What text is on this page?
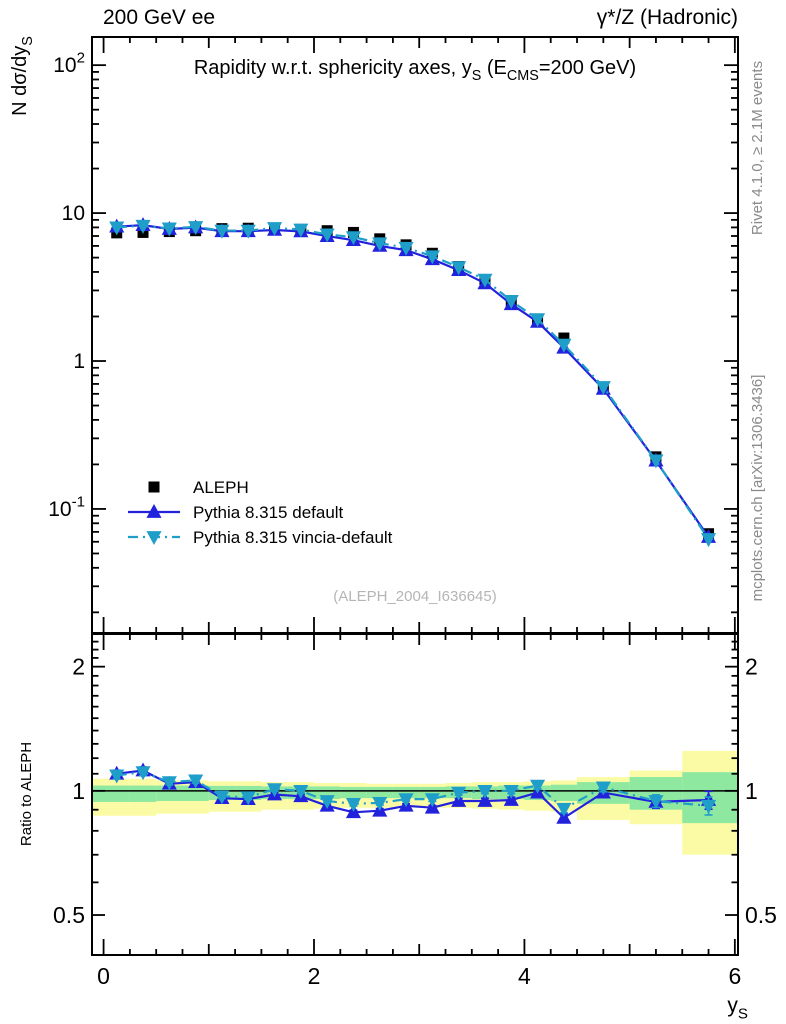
200 GeV ee	γ*/Z (Hadronic)
$10^2$
10
1
$10^{-1}$
0	2	4	6
2	2
1	1
0.5	0.5
Rapidity w.r.t. sphericity axes, $y_S$ ($E_{CMS}=200$ GeV)
N $d\sigma/dy_S$
$y_S$
Ratio to ALEPH
Rivet 4.1.0, ≥ 2.1M events
mcplots.cern.ch [arXiv:1306.3436]
(ALEPH_2004_I636645)
ALEPH
Pythia 8.315 default
Pythia 8.315 vincia-default
